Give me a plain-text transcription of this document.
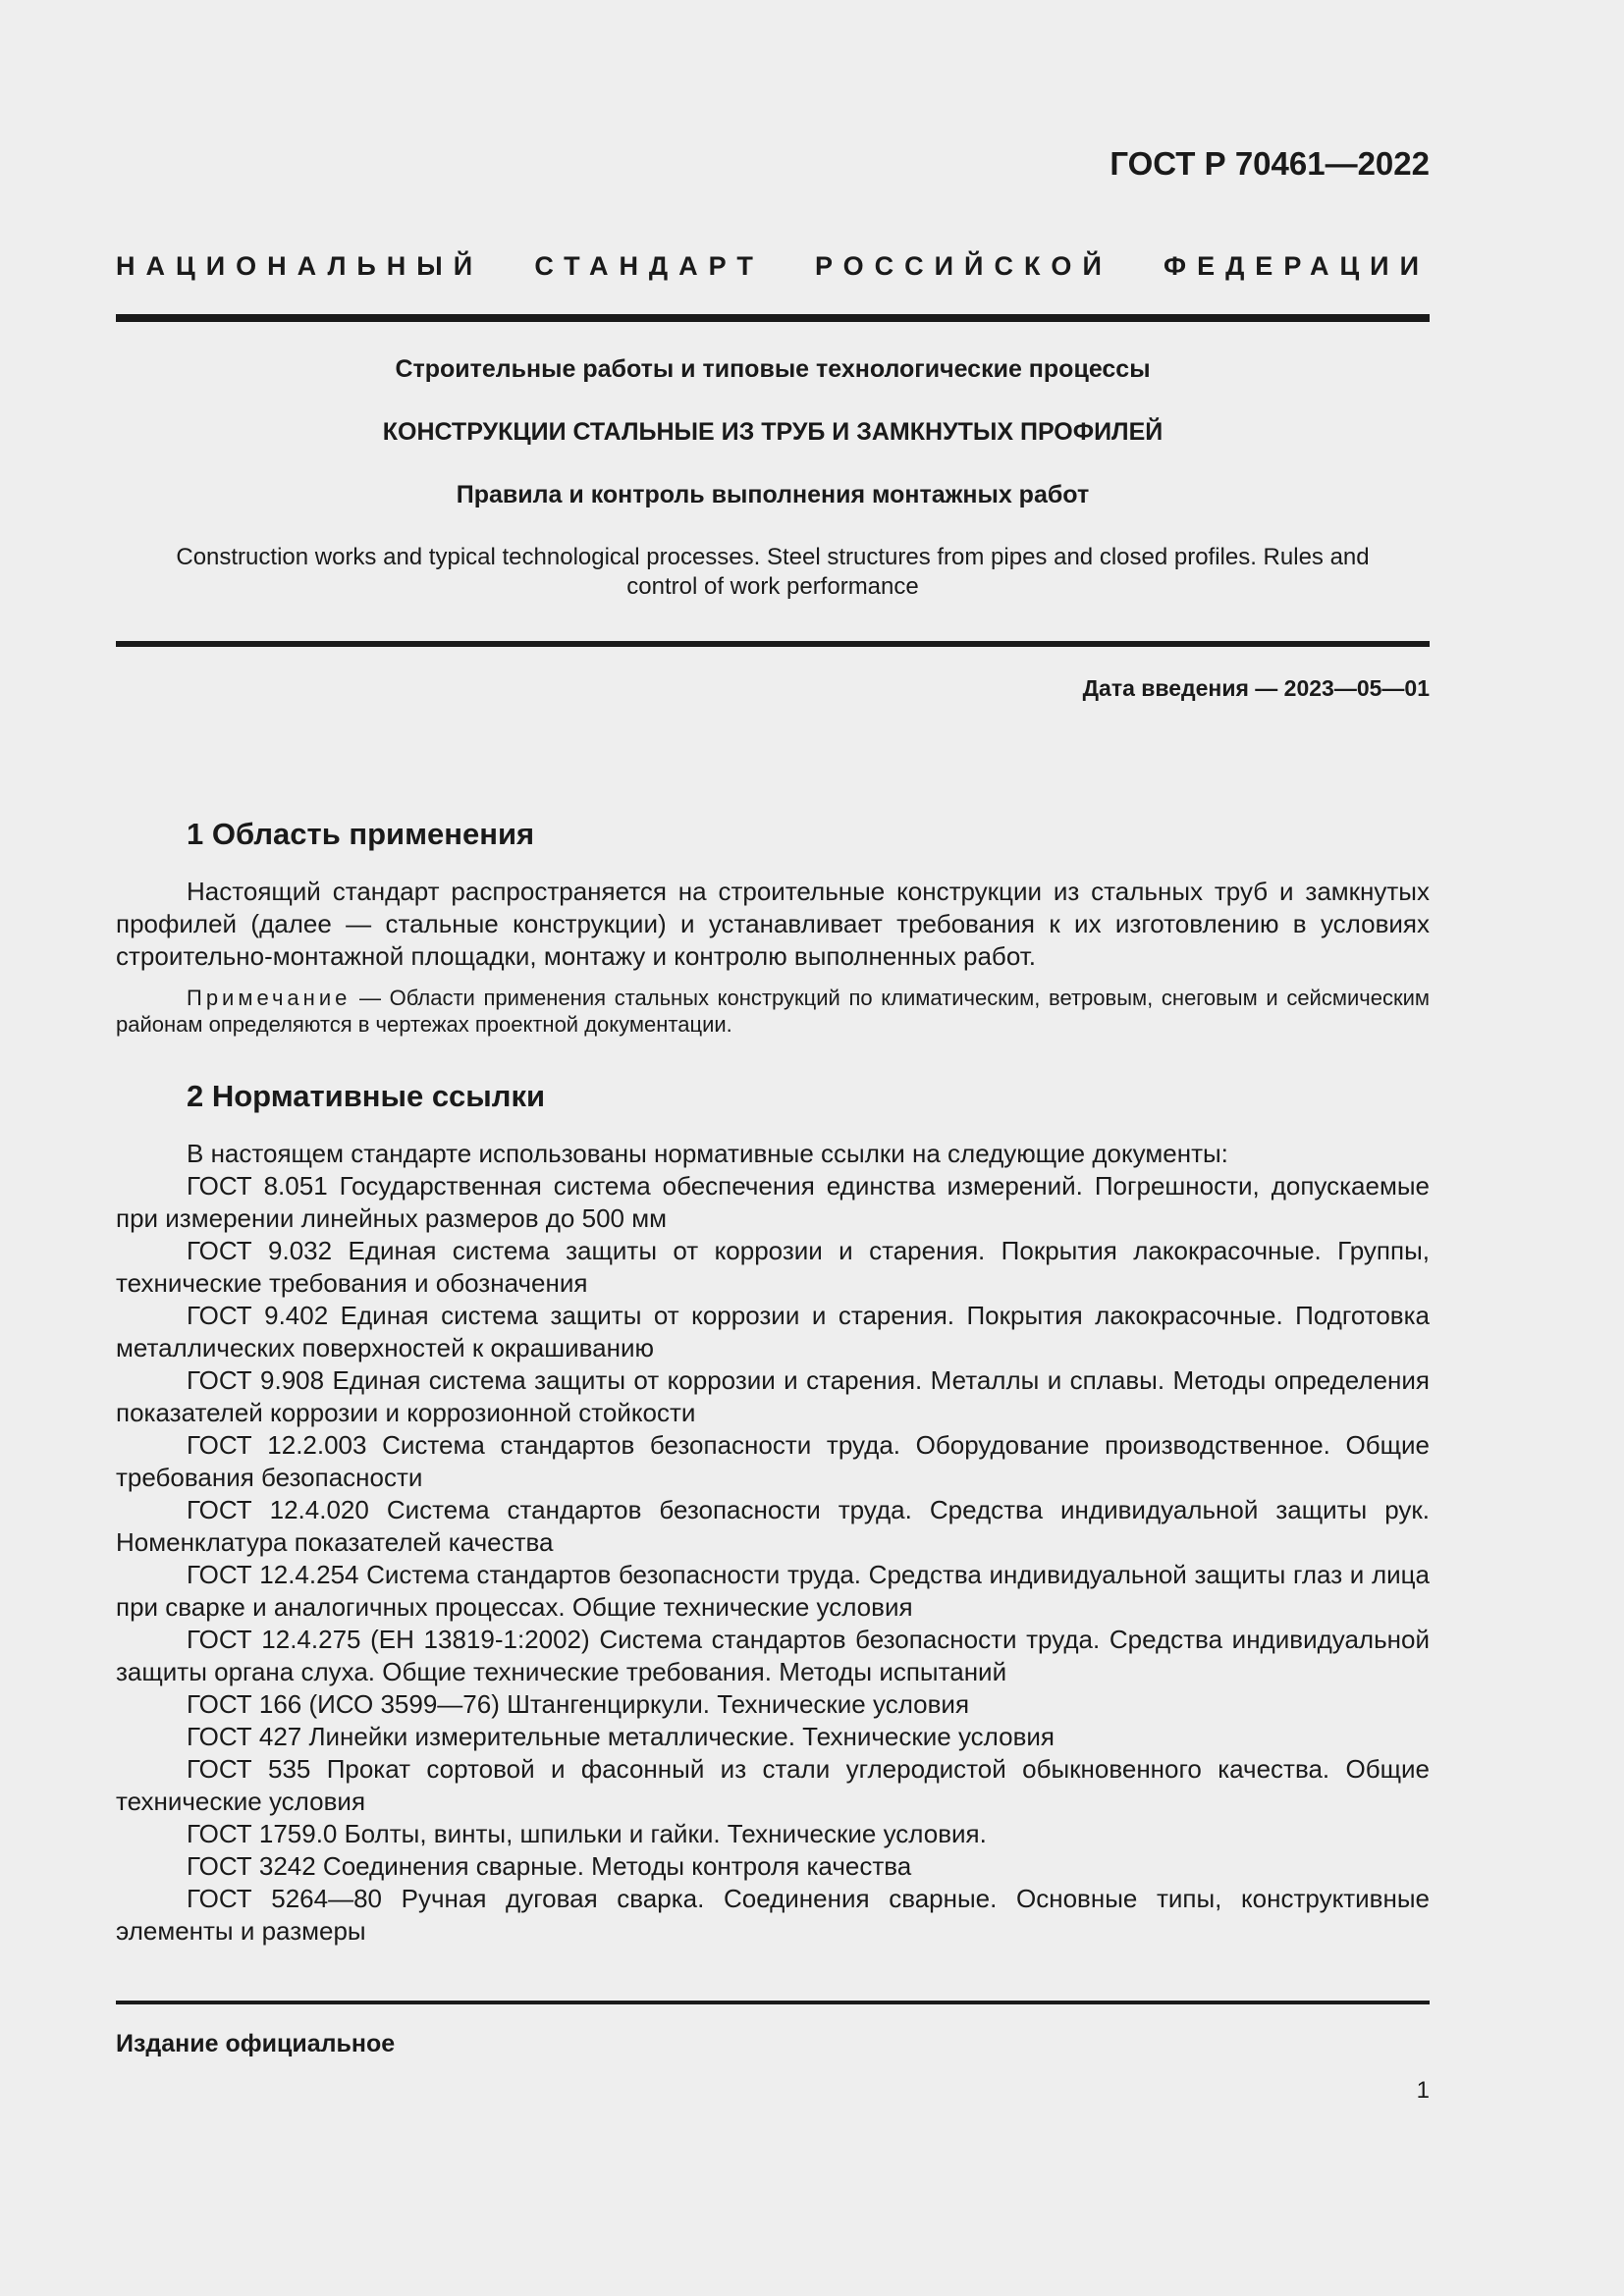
ГОСТ Р 70461—2022
НАЦИОНАЛЬНЫЙ СТАНДАРТ РОССИЙСКОЙ ФЕДЕРАЦИИ
Строительные работы и типовые технологические процессы
КОНСТРУКЦИИ СТАЛЬНЫЕ ИЗ ТРУБ И ЗАМКНУТЫХ ПРОФИЛЕЙ
Правила и контроль выполнения монтажных работ
Construction works and typical technological processes. Steel structures from pipes and closed profiles. Rules and control of work performance
Дата введения — 2023—05—01
1 Область применения

Настоящий стандарт распространяется на строительные конструкции из стальных труб и замкнутых профилей (далее — стальные конструкции) и устанавливает требования к их изготовлению в условиях строительно-монтажной площадки, монтажу и контролю выполненных работ.

Примечание — Области применения стальных конструкций по климатическим, ветровым, снеговым и сейсмическим районам определяются в чертежах проектной документации.

2 Нормативные ссылки

В настоящем стандарте использованы нормативные ссылки на следующие документы:

ГОСТ 8.051 Государственная система обеспечения единства измерений. Погрешности, допускаемые при измерении линейных размеров до 500 мм

ГОСТ 9.032 Единая система защиты от коррозии и старения. Покрытия лакокрасочные. Группы, технические требования и обозначения

ГОСТ 9.402 Единая система защиты от коррозии и старения. Покрытия лакокрасочные. Подготовка металлических поверхностей к окрашиванию

ГОСТ 9.908 Единая система защиты от коррозии и старения. Металлы и сплавы. Методы определения показателей коррозии и коррозионной стойкости

ГОСТ 12.2.003 Система стандартов безопасности труда. Оборудование производственное. Общие требования безопасности

ГОСТ 12.4.020 Система стандартов безопасности труда. Средства индивидуальной защиты рук. Номенклатура показателей качества

ГОСТ 12.4.254 Система стандартов безопасности труда. Средства индивидуальной защиты глаз и лица при сварке и аналогичных процессах. Общие технические условия

ГОСТ 12.4.275 (ЕН 13819-1:2002) Система стандартов безопасности труда. Средства индивидуальной защиты органа слуха. Общие технические требования. Методы испытаний

ГОСТ 166 (ИСО 3599—76) Штангенциркули. Технические условия

ГОСТ 427 Линейки измерительные металлические. Технические условия

ГОСТ 535 Прокат сортовой и фасонный из стали углеродистой обыкновенного качества. Общие технические условия

ГОСТ 1759.0 Болты, винты, шпильки и гайки. Технические условия.

ГОСТ 3242 Соединения сварные. Методы контроля качества

ГОСТ 5264—80 Ручная дуговая сварка. Соединения сварные. Основные типы, конструктивные элементы и размеры

Издание официальное
1
